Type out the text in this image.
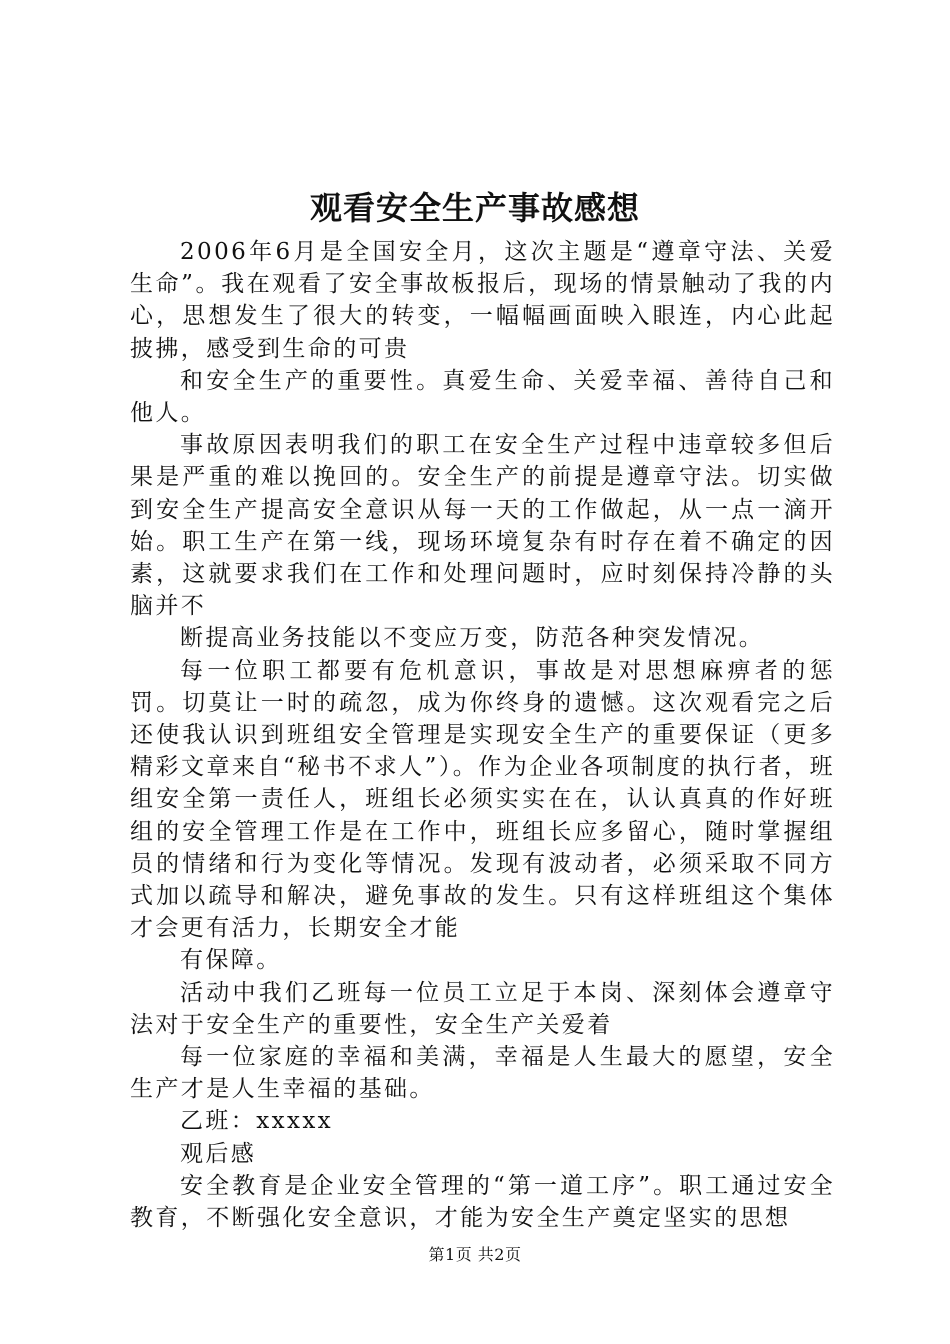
观看安全生产事故感想

2006年6月是全国安全月，这次主题是“遵章守法、关爱生命”。我在观看了安全事故板报后，现场的情景触动了我的内心，思想发生了很大的转变，一幅幅画面映入眼连，内心此起披拂，感受到生命的可贵

和安全生产的重要性。真爱生命、关爱幸福、善待自己和他人。

事故原因表明我们的职工在安全生产过程中违章较多但后果是严重的难以挽回的。安全生产的前提是遵章守法。切实做到安全生产提高安全意识从每一天的工作做起，从一点一滴开始。职工生产在第一线，现场环境复杂有时存在着不确定的因素，这就要求我们在工作和处理问题时，应时刻保持冷静的头脑并不

断提高业务技能以不变应万变，防范各种突发情况。

每一位职工都要有危机意识，事故是对思想麻痹者的惩罚。切莫让一时的疏忽，成为你终身的遗憾。这次观看完之后还使我认识到班组安全管理是实现安全生产的重要保证（更多精彩文章来自“秘书不求人”）。作为企业各项制度的执行者，班组安全第一责任人，班组长必须实实在在，认认真真的作好班组的安全管理工作是在工作中，班组长应多留心，随时掌握组员的情绪和行为变化等情况。发现有波动者，必须采取不同方式加以疏导和解决，避免事故的发生。只有这样班组这个集体才会更有活力，长期安全才能

有保障。

活动中我们乙班每一位员工立足于本岗、深刻体会遵章守法对于安全生产的重要性，安全生产关爱着

每一位家庭的幸福和美满，幸福是人生最大的愿望，安全生产才是人生幸福的基础。

乙班：xxxxx

观后感

安全教育是企业安全管理的“第一道工序”。职工通过安全教育，不断强化安全意识，才能为安全生产奠定坚实的思想

第1页 共2页
